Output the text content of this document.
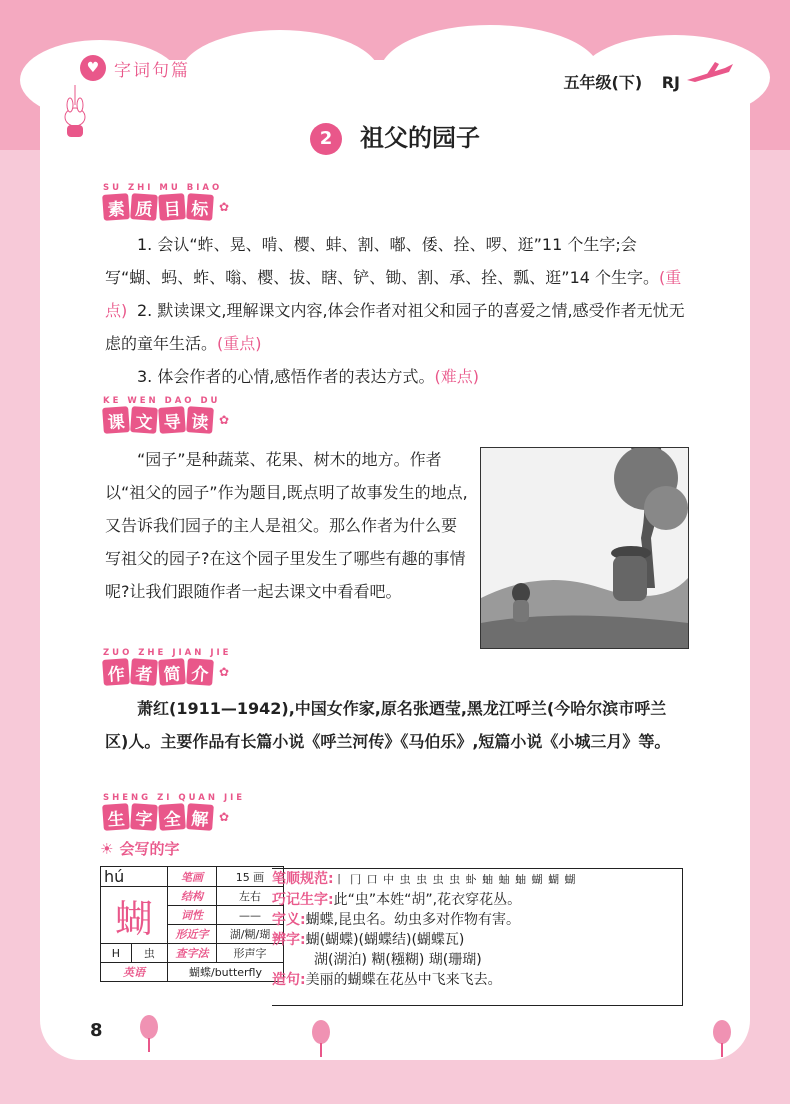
♥ 字词句篇
五年级(下) RJ
2 祖父的园子
SU ZHI MU BIAO
素 质 目 标 ✿
1. 会认“蚱、晃、啃、樱、蚌、割、嘟、倭、拴、啰、逛”11 个生字;会写“蝴、蚂、蚱、嗡、樱、拔、瞎、铲、锄、割、承、拴、瓢、逛”14 个生字。(重点) 2. 默读课文,理解课文内容,体会作者对祖父和园子的喜爱之情,感受作者无忧无虑的童年生活。(重点)
3. 体会作者的心情,感悟作者的表达方式。(难点)
KE WEN DAO DU
课 文 导 读 ✿
“园子”是种蔬菜、花果、树木的地方。作者以“祖父的园子”作为题目,既点明了故事发生的地点,又告诉我们园子的主人是祖父。那么作者为什么要写祖父的园子?在这个园子里发生了哪些有趣的事情呢?让我们跟随作者一起去课文中看看吧。
ZUO ZHE JIAN JIE
作 者 简 介 ✿
萧红(1911—1942),中国女作家,原名张迺莹,黑龙江呼兰(今哈尔滨市呼兰区)人。主要作品有长篇小说《呼兰河传》《马伯乐》,短篇小说《小城三月》等。
SHENG ZI QUAN JIE
生 字 全 解 ✿
☀ 会写的字
hú		笔画	15 画
蝴		结构	左右
		词性	——
		形近字	湖/糊/瑚
H	虫	查字法	形声字
英语		蝴蝶/butterfly	
笔顺规范:丨 冂 口 中 虫 虫 虫 虫 虲 蚰 蚰 蚰 蝴 蝴 蝴
巧记生字:此“虫”本姓“胡”,花衣穿花丛。
字义:蝴蝶,昆虫名。幼虫多对作物有害。
辨字:蝴(蝴蝶)(蝴蝶结)(蝴蝶瓦)
湖(湖泊) 糊(糨糊) 瑚(珊瑚)
造句:美丽的蝴蝶在花丛中飞来飞去。
8
